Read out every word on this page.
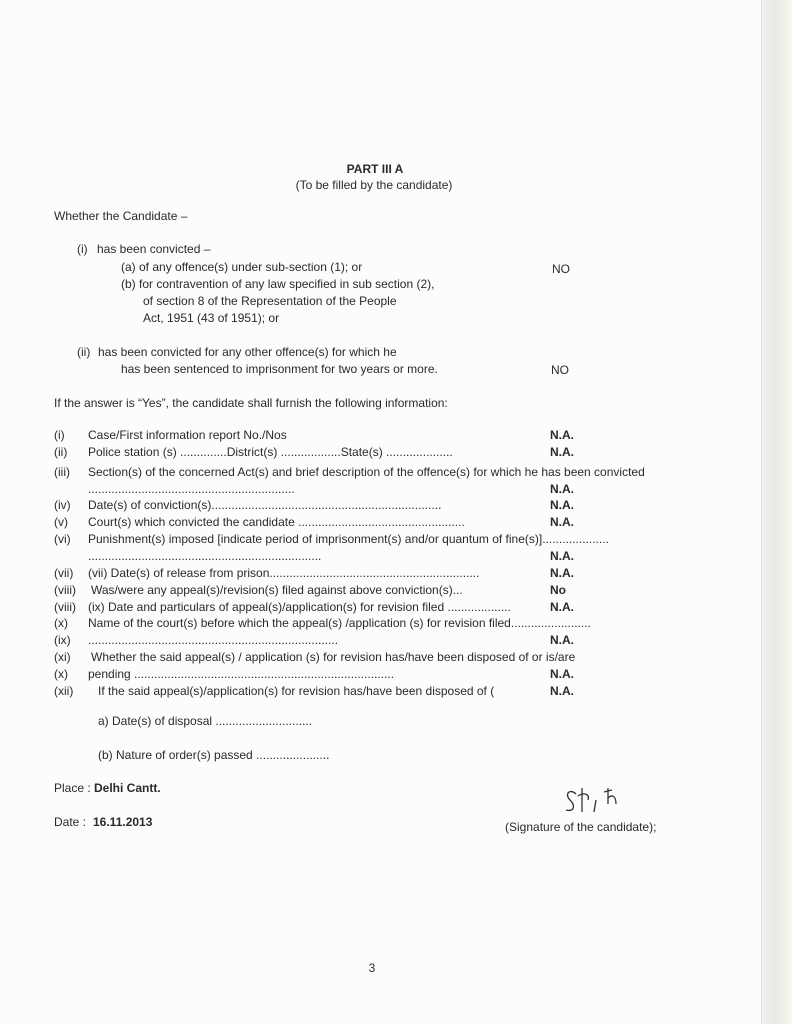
PART III A
(To be filled by the candidate)
Whether the Candidate –
(i) has been convicted –
(a) of any offence(s) under sub-section (1); or	NO
(b) for contravention of any law specified in sub section (2),
of section 8 of the Representation of the People
Act, 1951 (43 of 1951); or
(ii) has been convicted for any other offence(s) for which he
has been sentenced to imprisonment for two years or more.	NO
If the answer is “Yes”, the candidate shall furnish the following information:
(i) Case/First information report No./Nos	N.A.
(ii) Police station (s) ..............District(s) ..................State(s) ....................	N.A.
(iii) Section(s) of the concerned Act(s) and brief description of the offence(s) for which he has been convicted
..............................................................	N.A.
(iv) Date(s) of conviction(s).....................................................................	N.A.
(v) Court(s) which convicted the candidate ..................................................	N.A.
(vi) Punishment(s) imposed [indicate period of imprisonment(s) and/or quantum of fine(s)]....................
......................................................................	N.A.
(vii) (vii) Date(s) of release from prison...............................................................	N.A.
(viii) Was/were any appeal(s)/revision(s) filed against above conviction(s)...	No
(viii) (ix) Date and particulars of appeal(s)/application(s) for revision filed ...................	N.A.
(x) Name of the court(s) before which the appeal(s) /application (s) for revision filed........................
(ix) ...........................................................................	N.A.
(xi) Whether the said appeal(s) / application (s) for revision has/have been disposed of or is/are
(x) pending ..............................................................................	N.A.
(xii) If the said appeal(s)/application(s) for revision has/have been disposed of (	N.A.
a) Date(s) of disposal .............................
(b) Nature of order(s) passed ......................
Place : Delhi Cantt.
Date : 16.11.2013	(Signature of the candidate);
3
